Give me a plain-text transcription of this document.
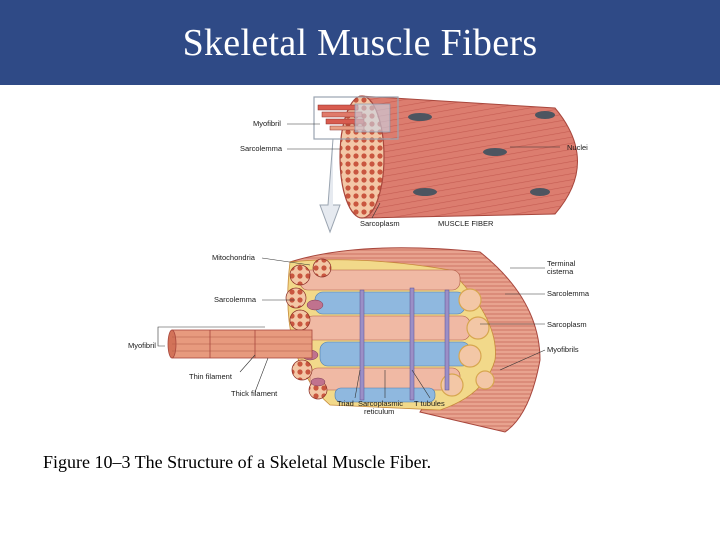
Skeletal Muscle Fibers
Myofibril
Sarcolemma	Nuclei
Sarcoplasm	MUSCLE FIBER
Mitochondria
Sarcolemma
Myofibril
Thin filament
Thick filament
Triad Sarcoplasmic
reticulum
T tubules
Terminal
cisterna
Sarcolemma
Sarcoplasm
Myofibrils
Figure 10–3 The Structure of a Skeletal Muscle Fiber.
